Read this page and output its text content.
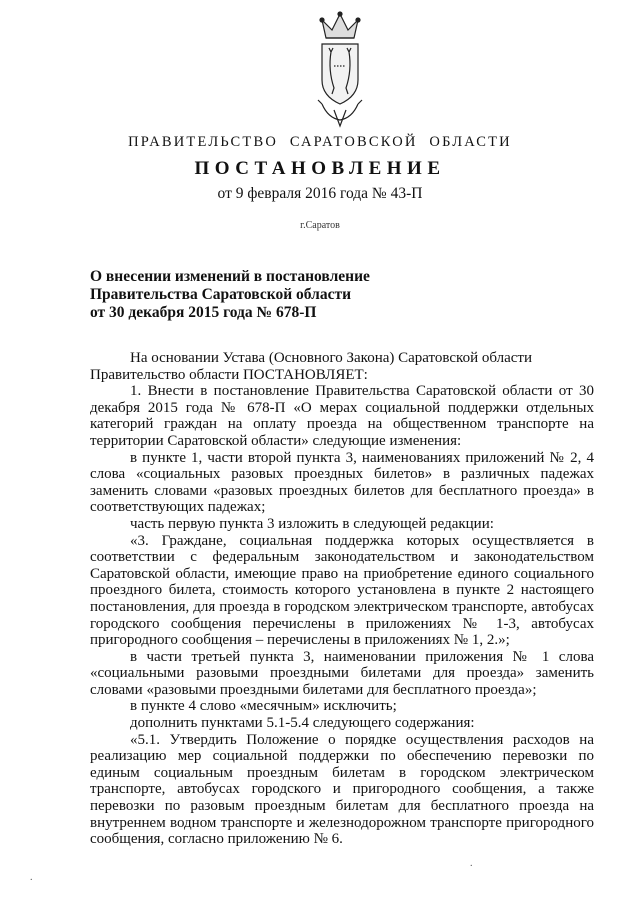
ПРАВИТЕЛЬСТВО САРАТОВСКОЙ ОБЛАСТИ
ПОСТАНОВЛЕНИЕ
от 9 февраля 2016 года № 43-П
г.Саратов
О внесении изменений в постановление
Правительства Саратовской области
от 30 декабря 2015 года № 678-П

На основании Устава (Основного Закона) Саратовской области

Правительство области ПОСТАНОВЛЯЕТ:

1. Внести в постановление Правительства Саратовской области от 30 декабря 2015 года № 678-П «О мерах социальной поддержки отдельных категорий граждан на оплату проезда на общественном транспорте на территории Саратовской области» следующие изменения:

в пункте 1, части второй пункта 3, наименованиях приложений № 2, 4 слова «социальных разовых проездных билетов» в различных падежах заменить словами «разовых проездных билетов для бесплатного проезда» в соответствующих падежах;

часть первую пункта 3 изложить в следующей редакции:

«3. Граждане, социальная поддержка которых осуществляется в соответствии с федеральным законодательством и законодательством Саратовской области, имеющие право на приобретение единого социального проездного билета, стоимость которого установлена в пункте 2 настоящего постановления, для проезда в городском электрическом транспорте, автобусах городского сообщения перечислены в приложениях № 1-3, автобусах пригородного сообщения – перечислены в приложениях № 1, 2.»;

в части третьей пункта 3, наименовании приложения № 1 слова «социальными разовыми проездными билетами для проезда» заменить словами «разовыми проездными билетами для бесплатного проезда»;

в пункте 4 слово «месячным» исключить;

дополнить пунктами 5.1-5.4 следующего содержания:

«5.1. Утвердить Положение о порядке осуществления расходов на реализацию мер социальной поддержки по обеспечению перевозки по единым социальным проездным билетам в городском электрическом транспорте, автобусах городского и пригородного сообщения, а также перевозки по разовым проездным билетам для бесплатного проезда на внутреннем водном транспорте и железнодорожном транспорте пригородного сообщения, согласно приложению № 6.

.
.
